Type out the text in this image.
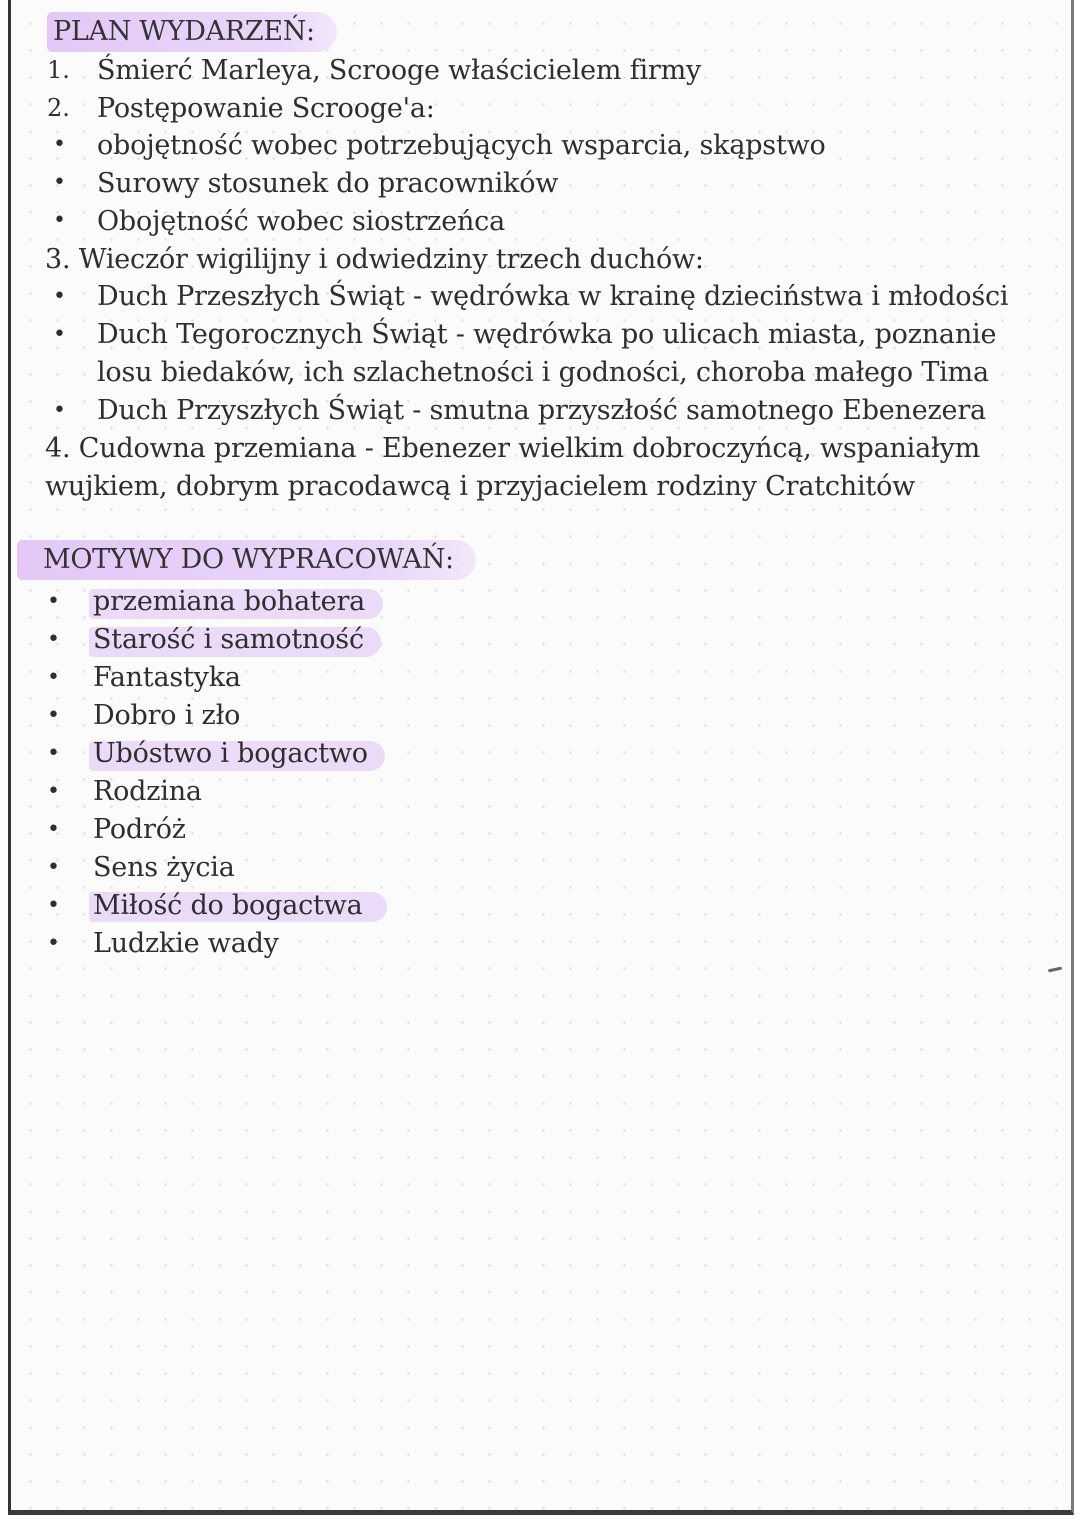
PLAN WYDARZEŃ:
1.	Śmierć Marleya, Scrooge właścicielem firmy
2.	Postępowanie Scrooge'a:
• obojętność wobec potrzebujących wsparcia, skąpstwo
• Surowy stosunek do pracowników
• Obojętność wobec siostrzeńca
3. Wieczór wigilijny i odwiedziny trzech duchów:
• Duch Przeszłych Świąt - wędrówka w krainę dzieciństwa i młodości
• Duch Tegorocznych Świąt - wędrówka po ulicach miasta, poznanie
losu biedaków, ich szlachetności i godności, choroba małego Tima
• Duch Przyszłych Świąt - smutna przyszłość samotnego Ebenezera
4. Cudowna przemiana - Ebenezer wielkim dobroczyńcą, wspaniałym
wujkiem, dobrym pracodawcą i przyjacielem rodziny Cratchitów
MOTYWY DO WYPRACOWAŃ:
• przemiana bohatera
• Starość i samotność
• Fantastyka
• Dobro i zło
• Ubóstwo i bogactwo
• Rodzina
• Podróż
• Sens życia
• Miłość do bogactwa
• Ludzkie wady
